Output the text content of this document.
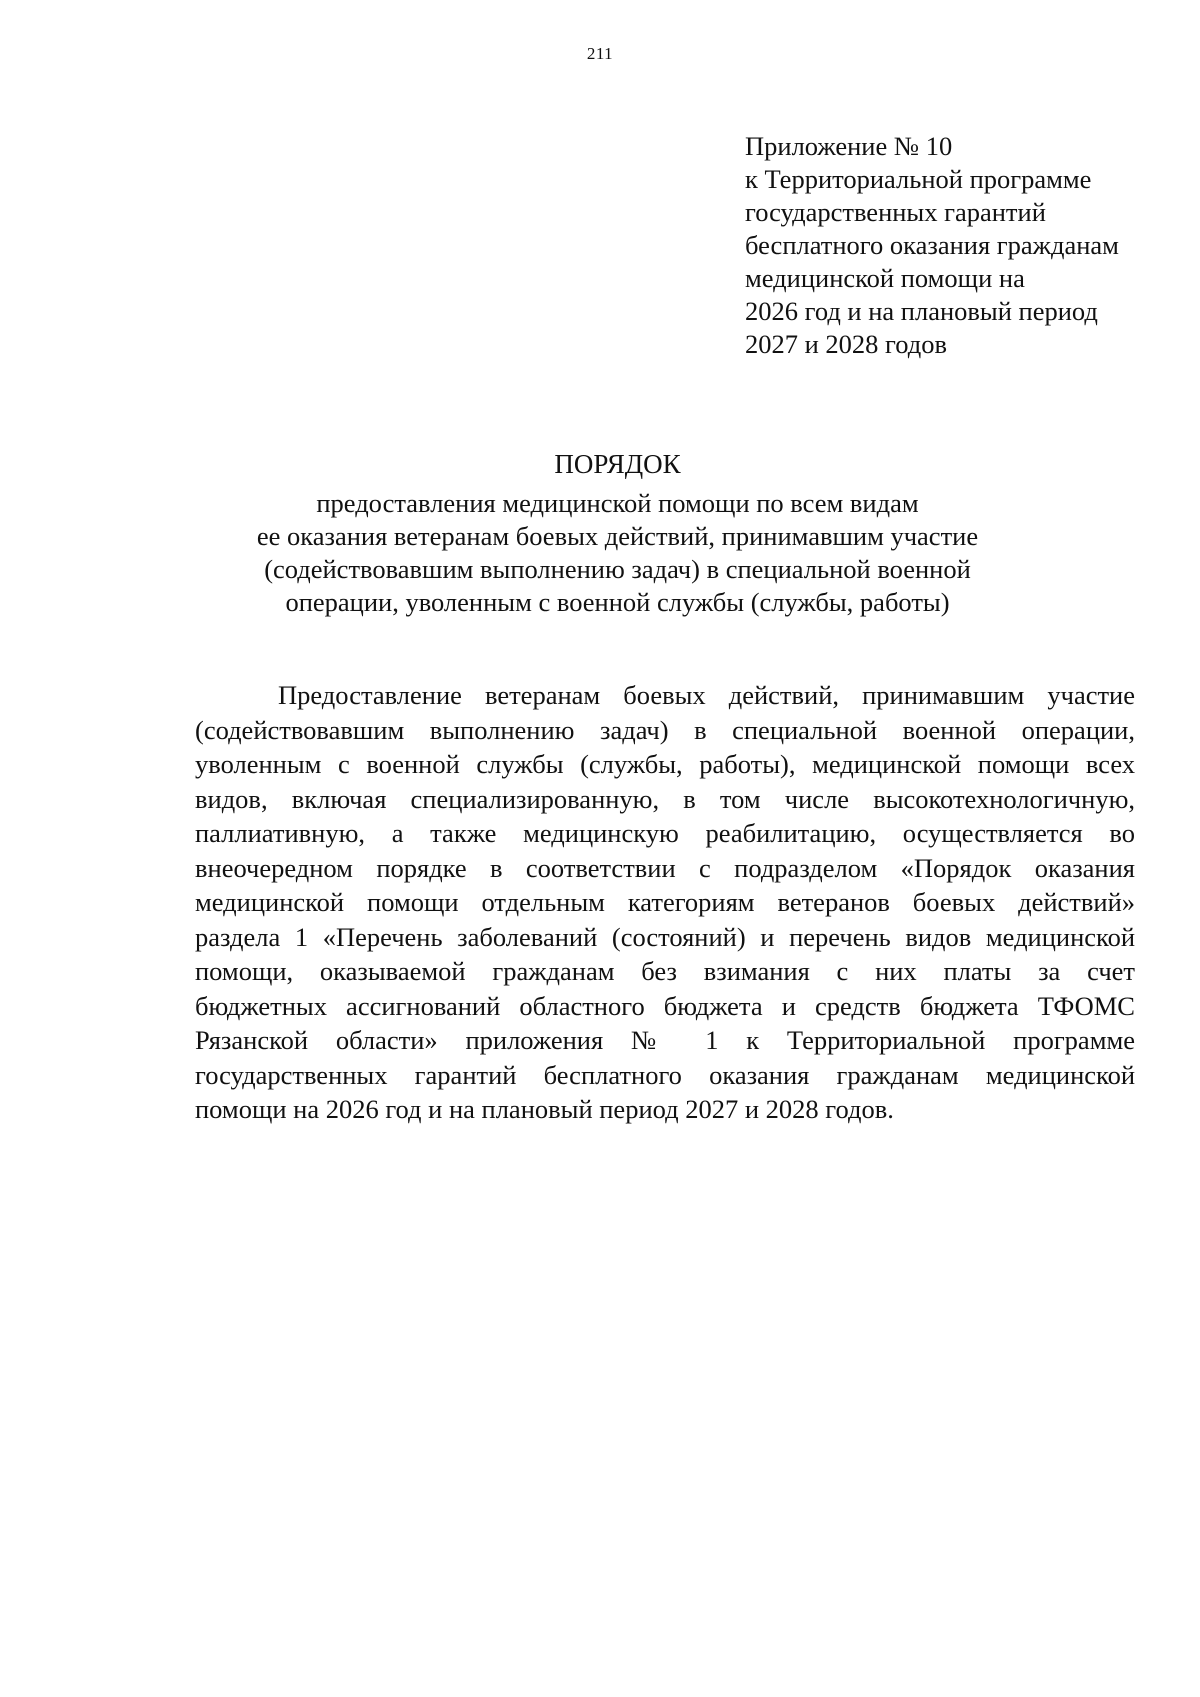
211
Приложение № 10
к Территориальной программе
государственных гарантий
бесплатного оказания гражданам
медицинской помощи на
2026 год и на плановый период
2027 и 2028 годов
ПОРЯДОК
предоставления медицинской помощи по всем видам
ее оказания ветеранам боевых действий, принимавшим участие
(содействовавшим выполнению задач) в специальной военной
операции, уволенным с военной службы (службы, работы)
Предоставление ветеранам боевых действий, принимавшим участие
(содействовавшим выполнению задач) в специальной военной операции,
уволенным с военной службы (службы, работы), медицинской помощи всех
видов, включая специализированную, в том числе высокотехнологичную,
паллиативную, а также медицинскую реабилитацию, осуществляется во
внеочередном порядке в соответствии с подразделом «Порядок оказания
медицинской помощи отдельным категориям ветеранов боевых действий»
раздела 1 «Перечень заболеваний (состояний) и перечень видов медицинской
помощи, оказываемой гражданам без взимания с них платы за счет
бюджетных ассигнований областного бюджета и средств бюджета ТФОМС
Рязанской области» приложения № 1 к Территориальной программе
государственных гарантий бесплатного оказания гражданам медицинской
помощи на 2026 год и на плановый период 2027 и 2028 годов.
